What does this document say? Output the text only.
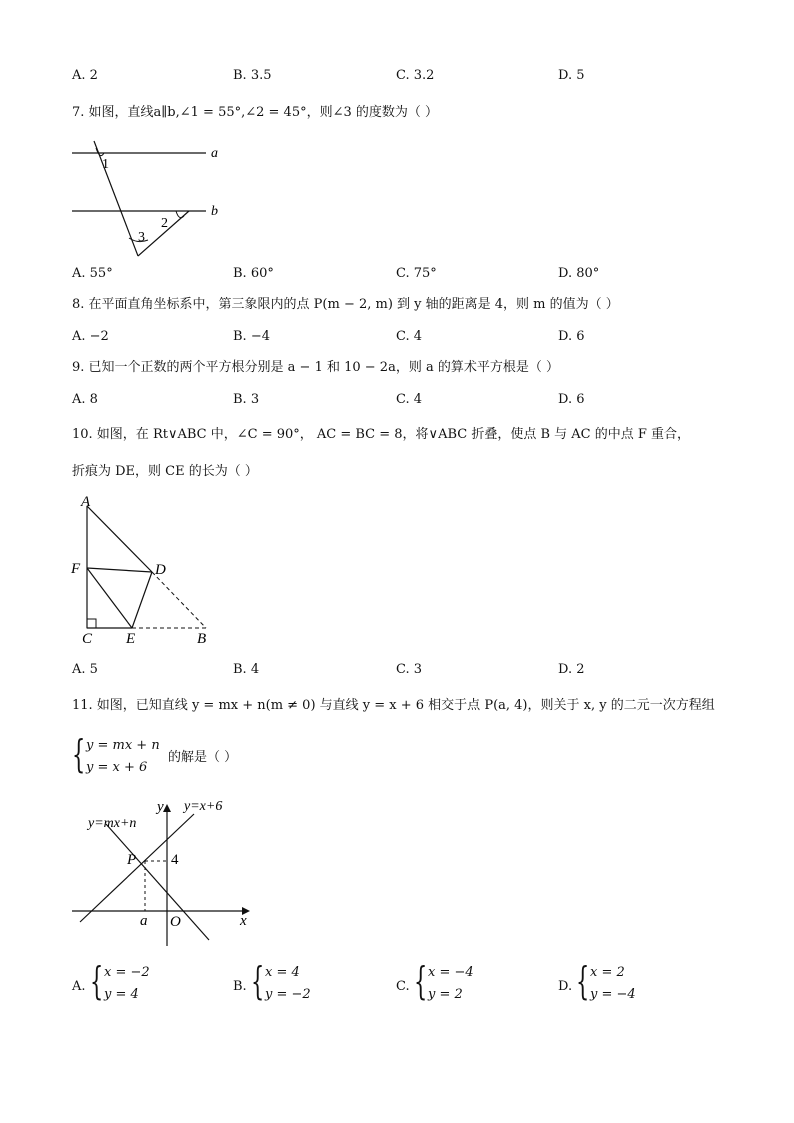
A. 2	B. 3.5	C. 3.2	D. 5
7. 如图，直线a∥b,∠1 = 55°,∠2 = 45°，则∠3 的度数为（ ）
a
b
1
2
3
A. 55°	B. 60°	C. 75°	D. 80°
8. 在平面直角坐标系中，第三象限内的点 P(m − 2, m) 到 y 轴的距离是 4，则 m 的值为（ ）
A. −2	B. −4	C. 4	D. 6
9. 已知一个正数的两个平方根分别是 a − 1 和 10 − 2a，则 a 的算术平方根是（ ）
A. 8	B. 3	C. 4	D. 6
10. 如图，在 Rt∨ABC 中，∠C = 90°， AC = BC = 8，将∨ABC 折叠，使点 B 与 AC 的中点 F 重合，
折痕为 DE，则 CE 的长为（ ）
A
F	D
C E	B
A. 5	B. 4	C. 3	D. 2
11. 如图，已知直线 y = mx + n(m ≠ 0) 与直线 y = x + 6 相交于点 P(a, 4)，则关于 x, y 的二元一次方程组
{ y = mx + n
y = x + 6
的解是（ ）
y y=x+6
y=mx+n
P 4
a O	x
A. { x = −2
y = 4
B. { x = 4
y = −2
C. { x = −4
y = 2
D. { x = 2
y = −4
